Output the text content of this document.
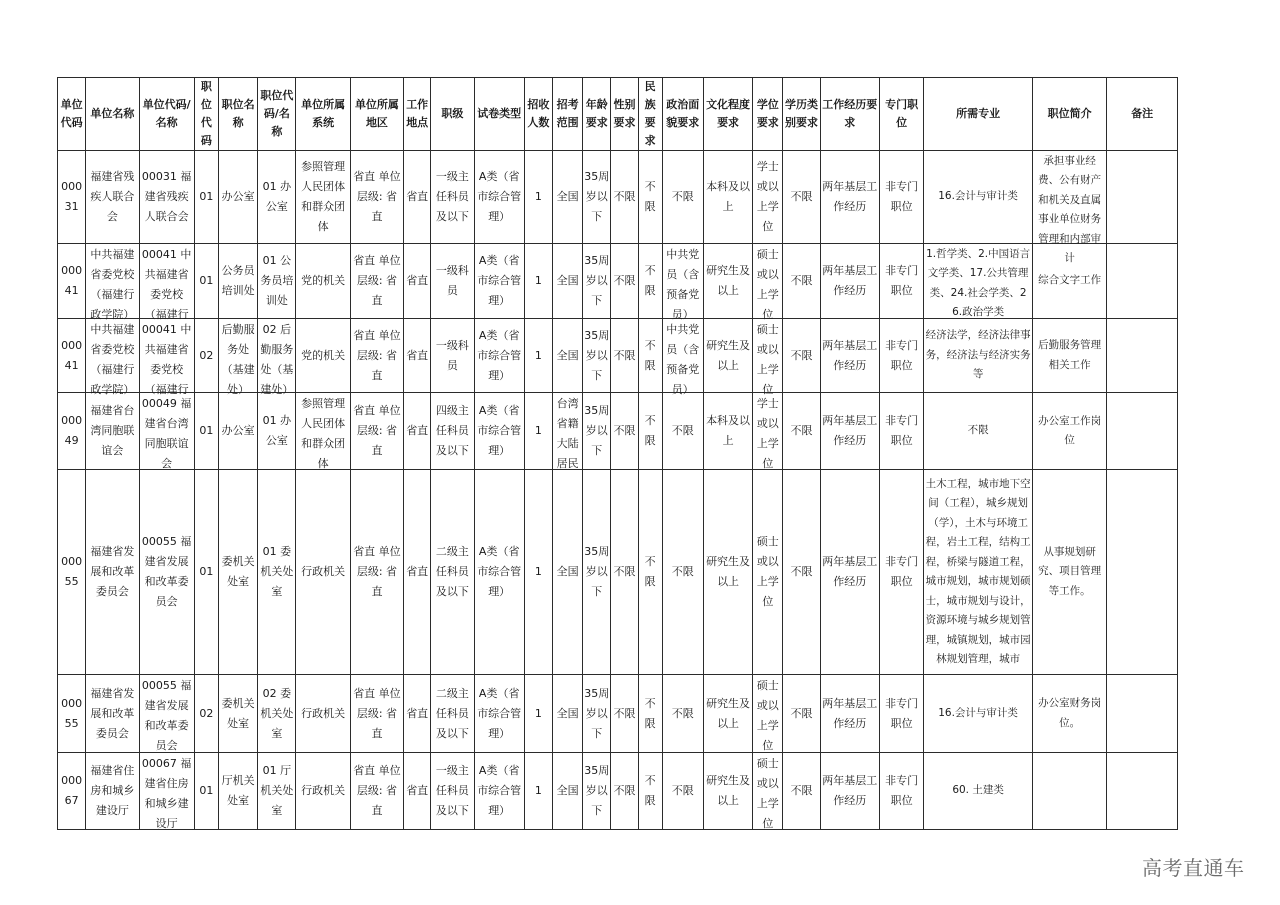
单位代码	单位名称	单位代码/名称	职位代码	职位名称	职位代码/名称	单位所属系统	单位所属地区	工作地点	职级	试卷类型	招收人数	招考范围	年龄要求	性别要求	民族要求	政治面貌要求	文化程度要求	学位要求	学历类别要求	工作经历要求	专门职位	所需专业	职位简介	备注

00031	福建省残疾人联合会	00031 福建省残疾人联合会	01	办公室	01 办公室	参照管理人民团体和群众团体	省直 单位层级: 省直	省直	一级主任科员及以下	A类（省市综合管理）	1	全国	35周岁以下	不限	不限	不限	本科及以上	学士或以上学位	不限	两年基层工作经历	非专门职位	16.会计与审计类	承担事业经费、公有财产和机关及直属事业单位财务管理和内部审计	

00041	中共福建省委党校（福建行政学院）	00041 中共福建省委党校（福建行	01	公务员培训处	01 公务员培训处	党的机关	省直 单位层级: 省直	省直	一级科员	A类（省市综合管理）	1	全国	35周岁以下	不限	不限	中共党员（含预备党员）	研究生及以上	硕士或以上学位	不限	两年基层工作经历	非专门职位	1.哲学类、2.中国语言文学类、17.公共管理类、24.社会学类、26.政治学类	综合文字工作	

00041	中共福建省委党校（福建行政学院）	00041 中共福建省委党校（福建行	02	后勤服务处（基建处）	02 后勤服务处（基建处）	党的机关	省直 单位层级: 省直	省直	一级科员	A类（省市综合管理）	1	全国	35周岁以下	不限	不限	中共党员（含预备党员）	研究生及以上	硕士或以上学位	不限	两年基层工作经历	非专门职位	经济法学，经济法律事务，经济法与经济实务等	后勤服务管理相关工作	

00049	福建省台湾同胞联谊会	00049 福建省台湾同胞联谊会	01	办公室	01 办公室	参照管理人民团体和群众团体	省直 单位层级: 省直	省直	四级主任科员及以下	A类（省市综合管理）	1	台湾省籍大陆居民	35周岁以下	不限	不限	不限	本科及以上	学士或以上学位	不限	两年基层工作经历	非专门职位	不限	办公室工作岗位	

00055	福建省发展和改革委员会	00055 福建省发展和改革委员会	01	委机关处室	01 委机关处室	行政机关	省直 单位层级: 省直	省直	二级主任科员及以下	A类（省市综合管理）	1	全国	35周岁以下	不限	不限	不限	研究生及以上	硕士或以上学位	不限	两年基层工作经历	非专门职位	土木工程，城市地下空间（工程），城乡规划（学），土木与环境工程，岩土工程，结构工程，桥梁与隧道工程，城市规划，城市规划硕士，城市规划与设计，资源环境与城乡规划管理，城镇规划，城市园林规划管理，城市	从事规划研究、项目管理等工作。	

00055	福建省发展和改革委员会	00055 福建省发展和改革委员会	02	委机关处室	02 委机关处室	行政机关	省直 单位层级: 省直	省直	二级主任科员及以下	A类（省市综合管理）	1	全国	35周岁以下	不限	不限	不限	研究生及以上	硕士或以上学位	不限	两年基层工作经历	非专门职位	16.会计与审计类	办公室财务岗位。	

00067	福建省住房和城乡建设厅	00067 福建省住房和城乡建设厅	01	厅机关处室	01 厅机关处室	行政机关	省直 单位层级: 省直	省直	一级主任科员及以下	A类（省市综合管理）	1	全国	35周岁以下	不限	不限	不限	研究生及以上	硕士或以上学位	不限	两年基层工作经历	非专门职位	60. 土建类		

高考直通车
